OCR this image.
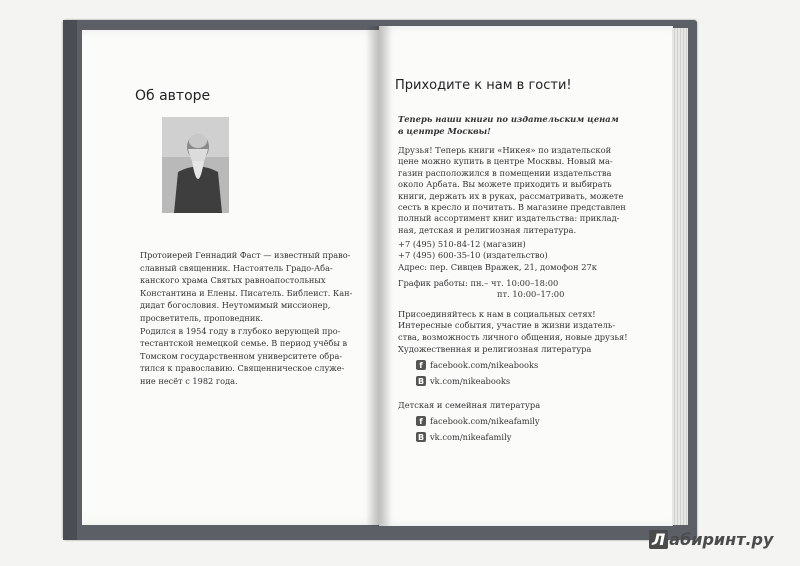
Об авторе

Протоиерей Геннадий Фаст — известный право-
славный священник. Настоятель Градо-Аба-
канского храма Святых равноапостольных
Константина и Елены. Писатель. Библеист. Кан-
дидат богословия. Неутомимый миссионер,
просветитель, проповедник.
Родился в 1954 году в глубоко верующей про-
тестантской немецкой семье. В период учёбы в
Томском государственном университете обра-
тился к православию. Священническое служе-
ние несёт с 1982 года.

Приходите к нам в гости!

Теперь наши книги по издательским ценам
в центре Москвы!

Друзья! Теперь книги «Никея» по издательской
цене можно купить в центре Москвы. Новый ма-
газин расположился в помещении издательства
около Арбата. Вы можете приходить и выбирать
книги, держать их в руках, рассматривать, можете
сесть в кресло и почитать. В магазине представлен
полный ассортимент книг издательства: приклад-
ная, детская и религиозная литература.

+7 (495) 510-84-12 (магазин)
+7 (495) 600-35-10 (издательство)
Адрес: пер. Сивцев Вражек, 21, домофон 27к

График работы: пн.– чт. 10:00–18:00
пт. 10:00–17:00

Присоединяйтесь к нам в социальных сетях!
Интересные события, участие в жизни издатель-
ства, возможность личного общения, новые друзья!

Художественная и религиозная литература
f facebook.com/nikeabooks
B vk.com/nikeabooks
Детская и семейная литература
f facebook.com/nikeafamily
B vk.com/nikeafamily
Л абиринт.ру
